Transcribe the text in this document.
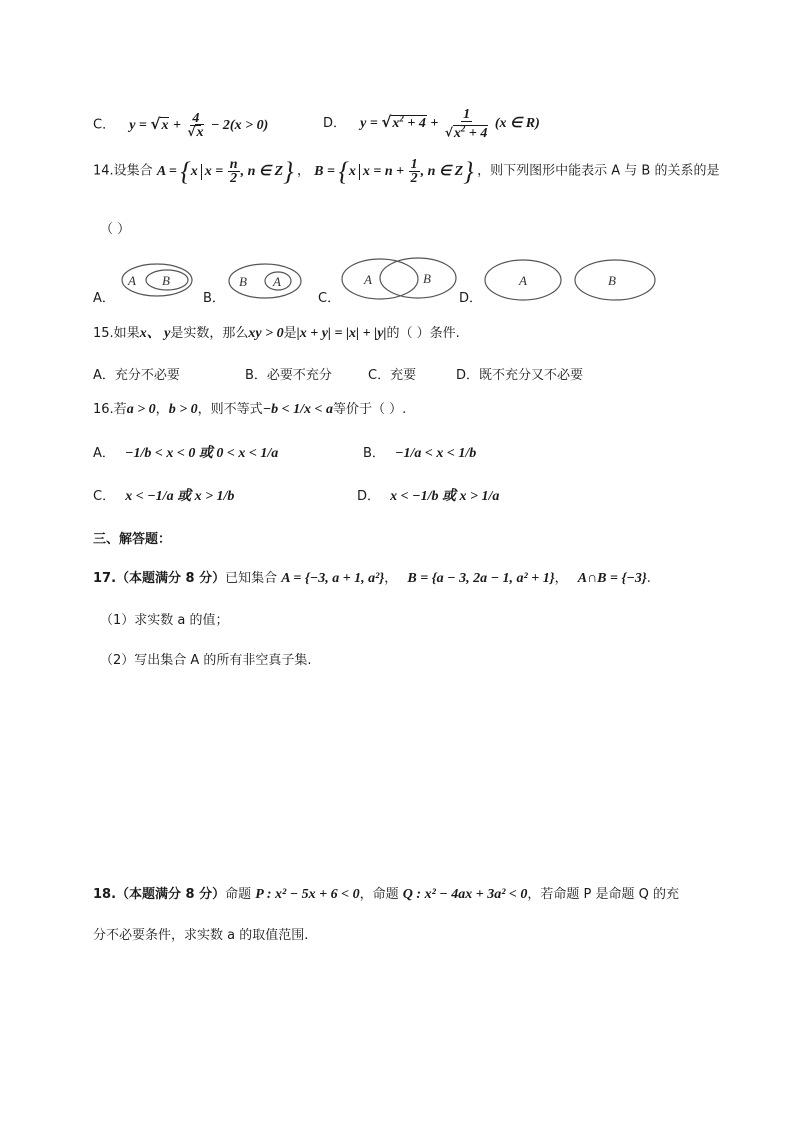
C． $y = √x + \frac{4}{√x} - 2(x > 0)$	D． $y = √x^2 + 4 + \frac{1}{√x^2 + 4} (x$ ∈ R)
14.设集合 A = {x $x = \frac{n}{2}$ , n ∈ Z} ， B = {x $x = n + \frac{1}{2}$ , n ∈ Z} ，则下列图形中能表示 A 与 B 的关系的是
（ ）
A．
A B
B．
B A
C．
A	B
D．
A	B
15.如果x、 y是实数，那么xy > 0是|x + y| = |x| + |y|的（ ）条件.
A．充分不必要	B．必要不充分	C．充要	D．既不充分又不必要
16.若a > 0，b > 0，则不等式−b < 1/x < a等价于（ ）.
A． −1/b < x < 0 或 0 < x < 1/a	B． −1/a < x < 1/b
C． x < −1/a 或 x > 1/b	D． x < −1/b 或 x > 1/a
三、解答题：
17.（本题满分 8 分）已知集合 A = {−3, a + 1, a²}， B = {a − 3, 2a − 1, a² + 1}， A∩B = {−3}.
（1）求实数 a 的值；
（2）写出集合 A 的所有非空真子集.
18.（本题满分 8 分）命题 P : x² − 5x + 6 < 0，命题 Q : x² − 4ax + 3a² < 0，若命题 P 是命题 Q 的充
分不必要条件，求实数 a 的取值范围.
